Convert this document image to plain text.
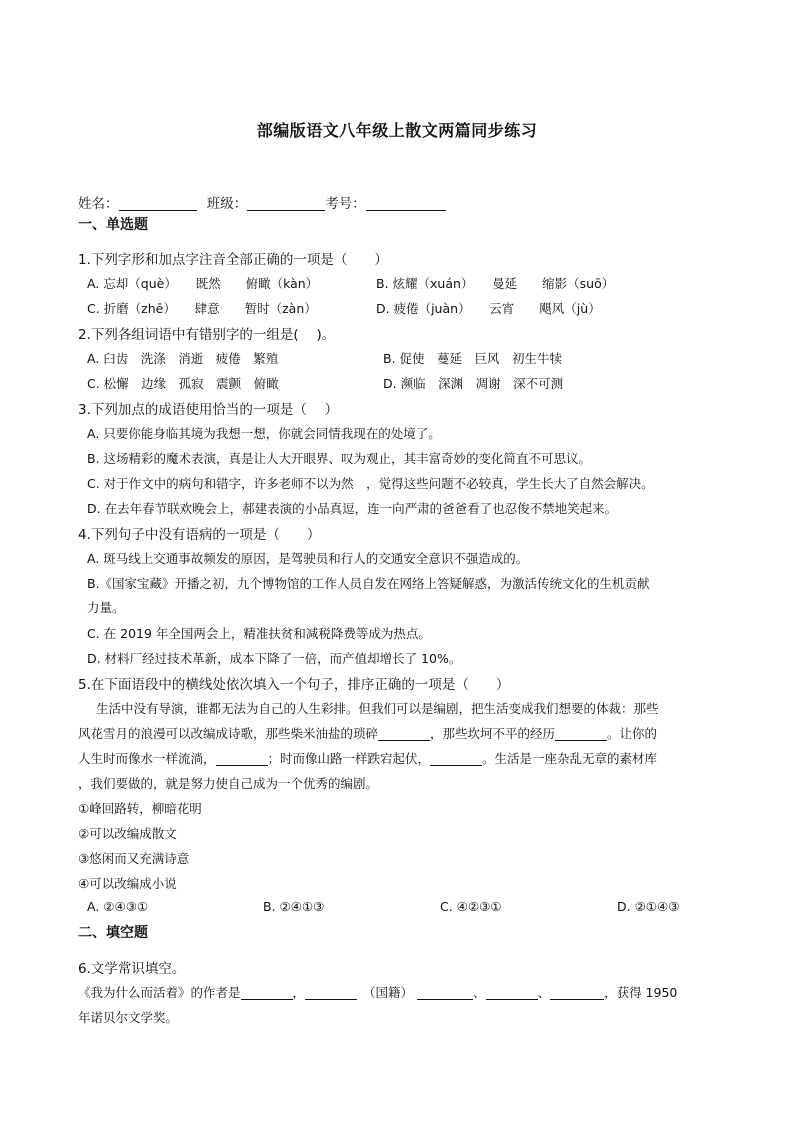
部编版语文八年级上散文两篇同步练习
姓名：	班级：	考号：
一、单选题
1.下列字形和加点字注音全部正确的一项是（　　）
A. 忘却（què）　　既然　　俯瞰（kàn）	B. 炫耀（xuán）　　曼延　　缩影（suō）
C. 折磨（zhē）　　肆意　　暂时（zàn）	D. 疲倦（juàn）　　云宵　　飓风（jù）
2.下列各组词语中有错别字的一组是(　 )。
A. 臼齿　洗涤　消逝　疲倦　繁殖	B. 促使　蔓延　巨风　初生牛犊
C. 松懈　边缘　孤寂　震颤　俯瞰	D. 濒临　深渊　凋谢　深不可测
3.下列加点的成语使用恰当的一项是（　 ）
A. 只要你能身临其境为我想一想，你就会同情我现在的处境了。
B. 这场精彩的魔术表演，真是让人大开眼界、叹为观止，其丰富奇妙的变化简直不可思议。
C. 对于作文中的病句和错字，许多老师不以为然　，觉得这些问题不必较真，学生长大了自然会解决。
D. 在去年春节联欢晚会上，郝建表演的小品真逗，连一向严肃的爸爸看了也忍俊不禁地笑起来。
4.下列句子中没有语病的一项是（　　）
A. 斑马线上交通事故频发的原因，是驾驶员和行人的交通安全意识不强造成的。
B.《国家宝藏》开播之初，九个博物馆的工作人员自发在网络上答疑解惑，为激活传统文化的生机贡献
力量。
C. 在 2019 年全国两会上，精准扶贫和减税降费等成为热点。
D. 材料厂经过技术革新，成本下降了一倍，而产值却增长了 10%。
5.在下面语段中的横线处依次填入一个句子，排序正确的一项是（　　）
生活中没有导演，谁都无法为自己的人生彩排。但我们可以是编剧，把生活变成我们想要的体裁：那些
风花雪月的浪漫可以改编成诗歌，那些柴米油盐的琐碎	，那些坎坷不平的经历	。让你的
人生时而像水一样流淌，	；时而像山路一样跌宕起伏，	。生活是一座杂乱无章的素材库
，我们要做的，就是努力使自己成为一个优秀的编剧。
①峰回路转，柳暗花明
②可以改编成散文
③悠闲而又充满诗意
④可以改编成小说
A. ②④③①	B. ②④①③	C. ④②③①	D. ②①④③
二、填空题
6.文学常识填空。
《我为什么而活着》的作者是	，	（国籍）	、	、	，获得 1950
年诺贝尔文学奖。
